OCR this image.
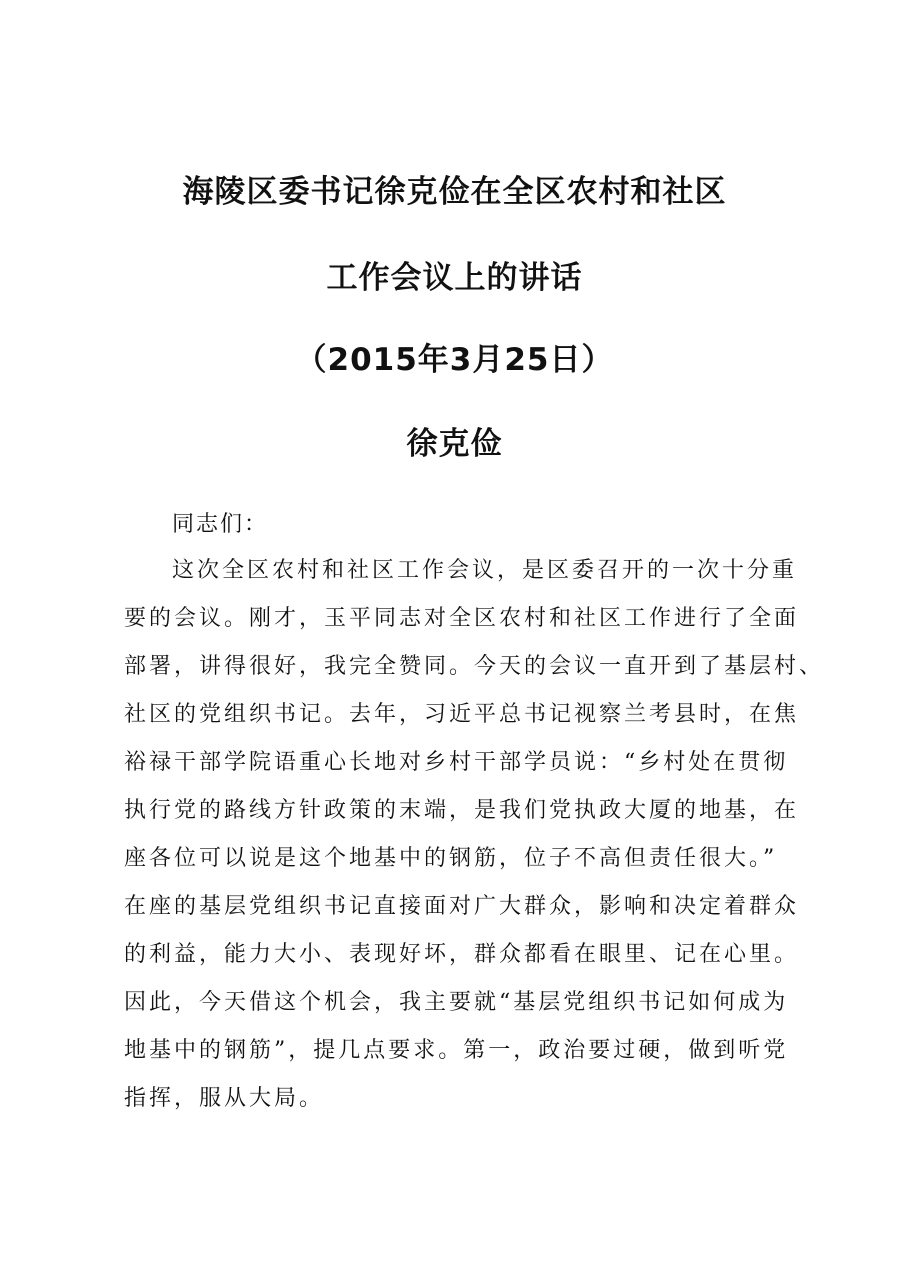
海陵区委书记徐克俭在全区农村和社区
工作会议上的讲话
（2015年3月25日）
徐克俭
同志们：
这次全区农村和社区工作会议，是区委召开的一次十分重
要的会议。刚才，玉平同志对全区农村和社区工作进行了全面
部署，讲得很好，我完全赞同。今天的会议一直开到了基层村、
社区的党组织书记。去年，习近平总书记视察兰考县时，在焦
裕禄干部学院语重心长地对乡村干部学员说：“乡村处在贯彻
执行党的路线方针政策的末端，是我们党执政大厦的地基，在
座各位可以说是这个地基中的钢筋，位子不高但责任很大。”
在座的基层党组织书记直接面对广大群众，影响和决定着群众
的利益，能力大小、表现好坏，群众都看在眼里、记在心里。
因此，今天借这个机会，我主要就“基层党组织书记如何成为
地基中的钢筋”，提几点要求。第一，政治要过硬，做到听党
指挥，服从大局。
